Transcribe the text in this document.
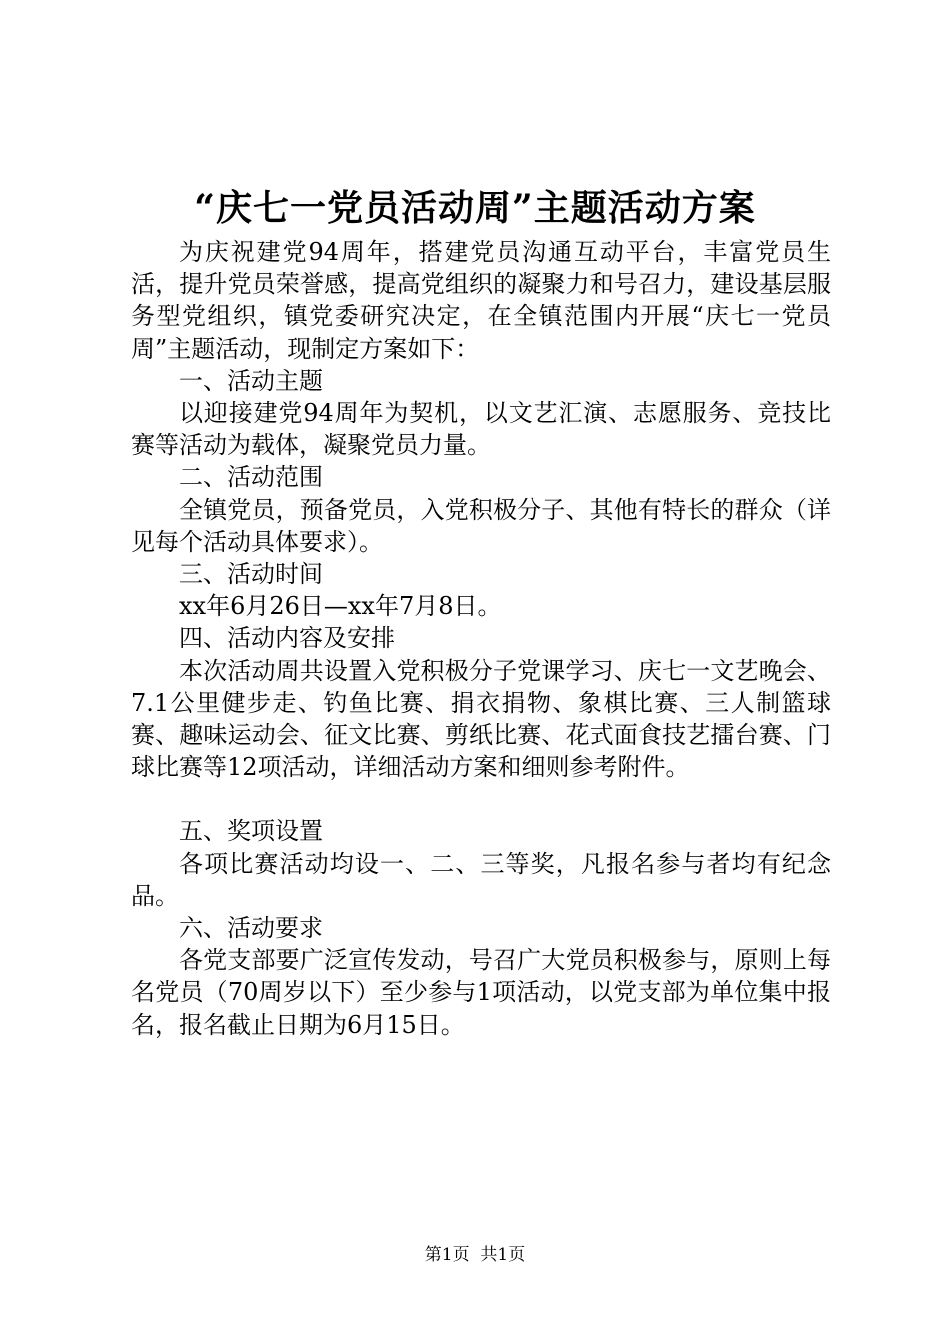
“庆七一党员活动周”主题活动方案

为庆祝建党94周年，搭建党员沟通互动平台，丰富党员生活，提升党员荣誉感，提高党组织的凝聚力和号召力，建设基层服务型党组织，镇党委研究决定，在全镇范围内开展“庆七一党员周”主题活动，现制定方案如下：

一、活动主题

以迎接建党94周年为契机，以文艺汇演、志愿服务、竞技比赛等活动为载体，凝聚党员力量。

二、活动范围

全镇党员，预备党员，入党积极分子、其他有特长的群众（详见每个活动具体要求）。

三、活动时间

xx年6月26日—xx年7月8日。

四、活动内容及安排

本次活动周共设置入党积极分子党课学习、庆七一文艺晚会、7.1公里健步走、钓鱼比赛、捐衣捐物、象棋比赛、三人制篮球赛、趣味运动会、征文比赛、剪纸比赛、花式面食技艺擂台赛、门球比赛等12项活动，详细活动方案和细则参考附件。

五、奖项设置

各项比赛活动均设一、二、三等奖，凡报名参与者均有纪念品。

六、活动要求

各党支部要广泛宣传发动，号召广大党员积极参与，原则上每名党员（70周岁以下）至少参与1项活动，以党支部为单位集中报名，报名截止日期为6月15日。

第1页  共1页
